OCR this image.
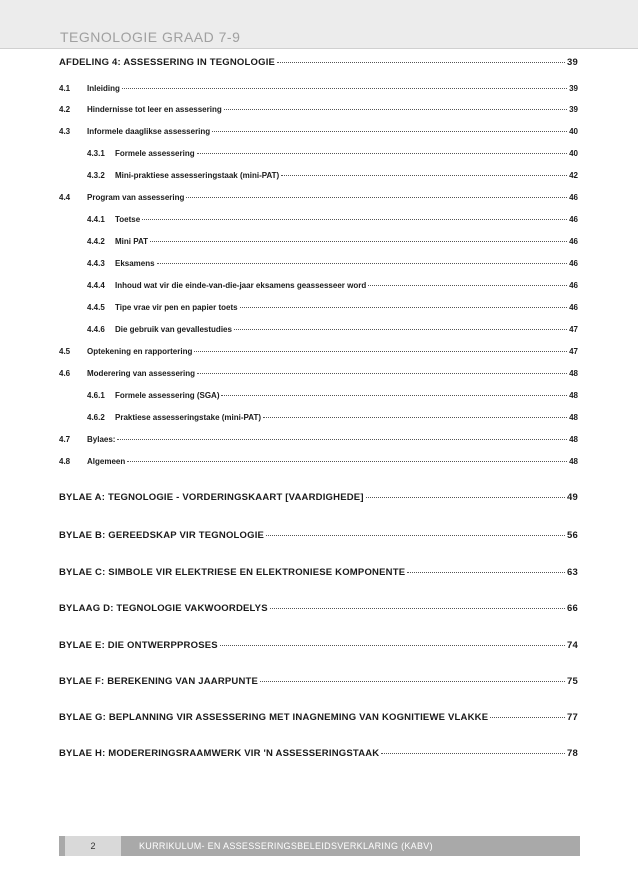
TEGNOLOGIE GRAAD 7-9
AFDELING 4: ASSESSERING IN TEGNOLOGIE	39
4.1	Inleiding	39
4.2	Hindernisse tot leer en assessering	39
4.3	Informele daaglikse assessering	40
4.3.1	Formele assessering	40
4.3.2	Mini-praktiese assesseringstaak (mini-PAT)	42
4.4	Program van assessering	46
4.4.1	Toetse	46
4.4.2	Mini PAT	46
4.4.3	Eksamens	46
4.4.4	Inhoud wat vir die einde-van-die-jaar eksamens geassesseer word	46
4.4.5	Tipe vrae vir pen en papier toets	46
4.4.6	Die gebruik van gevallestudies	47
4.5	Optekening en rapportering	47
4.6	Moderering van assessering	48
4.6.1	Formele assessering (SGA)	48
4.6.2	Praktiese assesseringstake (mini-PAT)	48
4.7	Bylaes:	48
4.8	Algemeen	48
BYLAE A: TEGNOLOGIE - VORDERINGSKAART [VAARDIGHEDE]	49
BYLAE B: GEREEDSKAP VIR TEGNOLOGIE	56
BYLAE C: SIMBOLE VIR ELEKTRIESE EN ELEKTRONIESE KOMPONENTE	63
BYLAAG D: TEGNOLOGIE VAKWOORDELYS	66
BYLAE E: DIE ONTWERPPROSES	74
BYLAE F: BEREKENING VAN JAARPUNTE	75
BYLAE G: BEPLANNING VIR ASSESSERING MET INAGNEMING VAN KOGNITIEWE VLAKKE	77
BYLAE H: MODERERINGSRAAMWERK VIR 'N ASSESSERINGSTAAK	78
2	KURRIKULUM- EN ASSESSERINGSBELEIDSVERKLARING (KABV)
